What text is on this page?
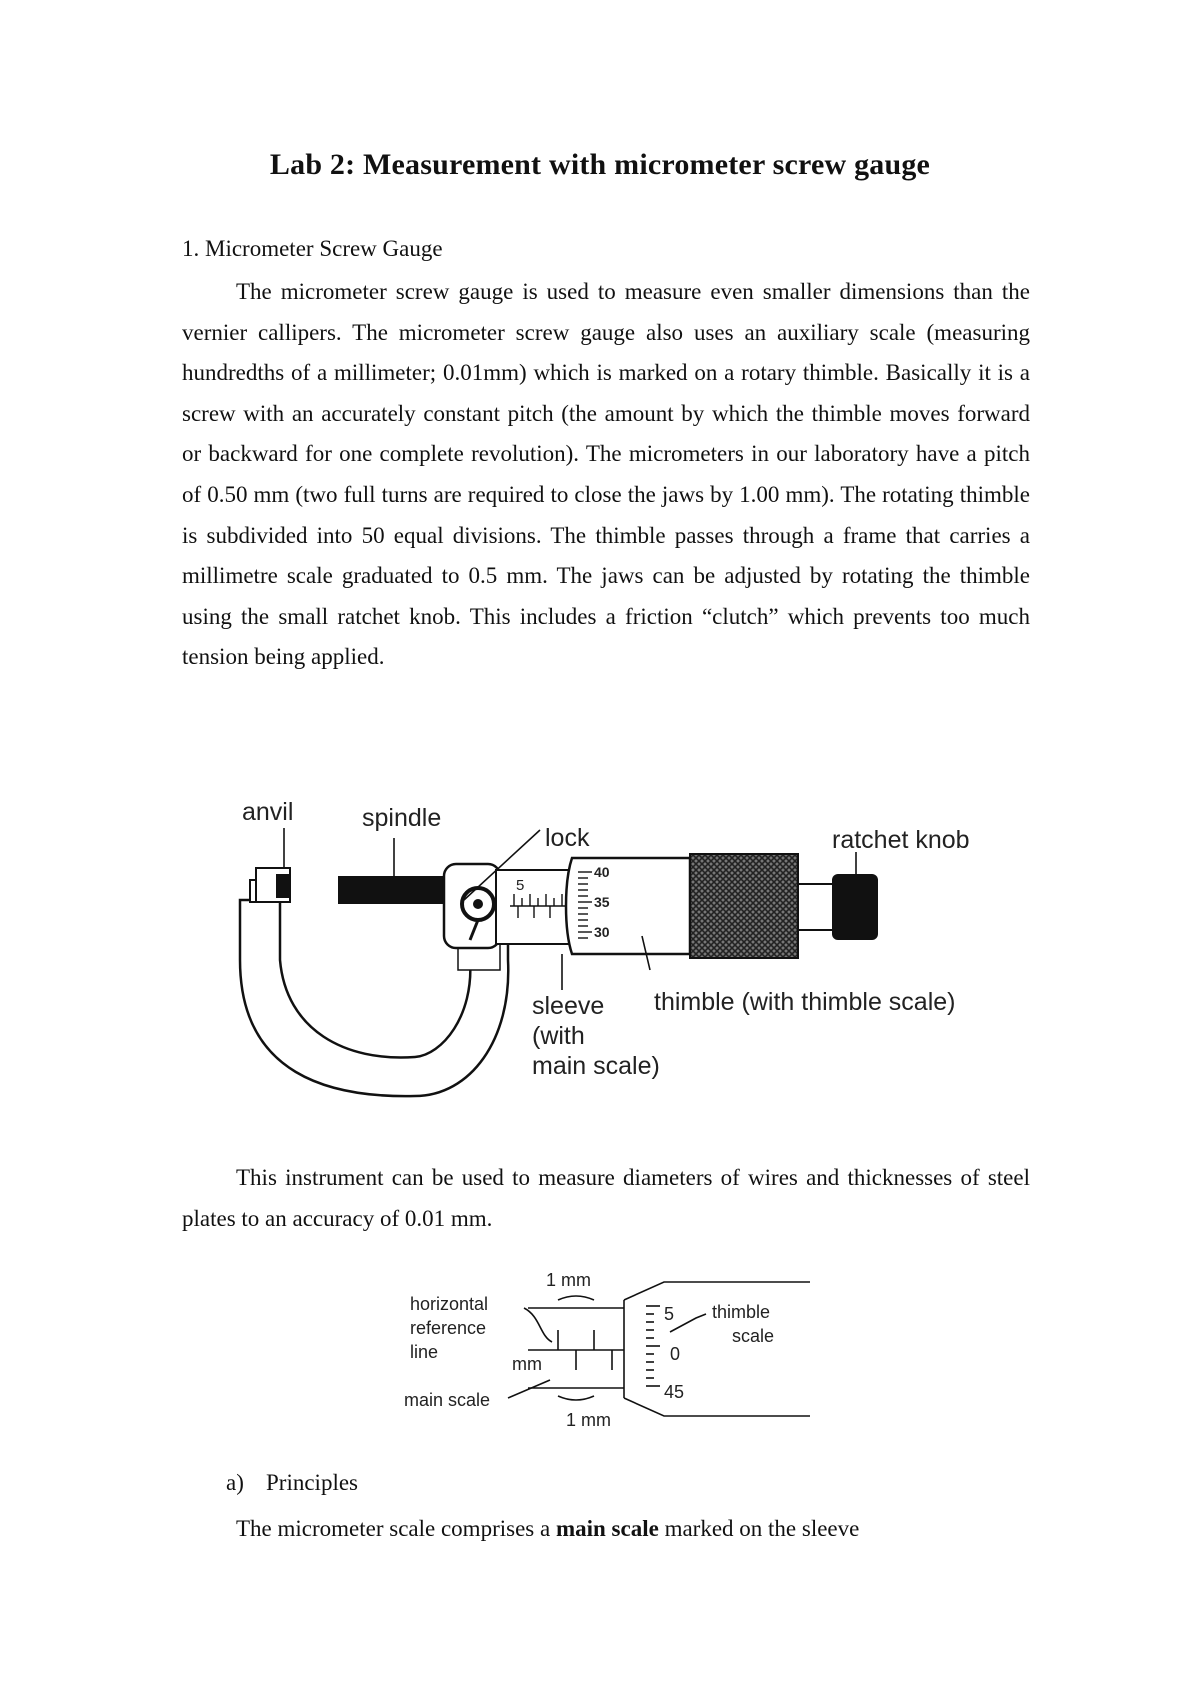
Lab 2: Measurement with micrometer screw gauge
1. Micrometer Screw Gauge
The micrometer screw gauge is used to measure even smaller dimensions than the vernier callipers. The micrometer screw gauge also uses an auxiliary scale (measuring hundredths of a millimeter; 0.01mm) which is marked on a rotary thimble. Basically it is a screw with an accurately constant pitch (the amount by which the thimble moves forward or backward for one complete revolution). The micrometers in our laboratory have a pitch of 0.50 mm (two full turns are required to close the jaws by 1.00 mm). The rotating thimble is subdivided into 50 equal divisions. The thimble passes through a frame that carries a millimetre scale graduated to 0.5 mm. The jaws can be adjusted by rotating the thimble using the small ratchet knob. This includes a friction “clutch” which prevents too much tension being applied.
5
40
35
30
anvil	spindle
lock	ratchet knob
sleeve
(with
main scale)
thimble (with thimble scale)
This instrument can be used to measure diameters of wires and thicknesses of steel plates to an accuracy of 0.01 mm.
1 mm
1 mm
horizontal
reference
line
mm
main scale
thimble
scale
5
0
45
a) Principles
The micrometer scale comprises a main scale marked on the sleeve
